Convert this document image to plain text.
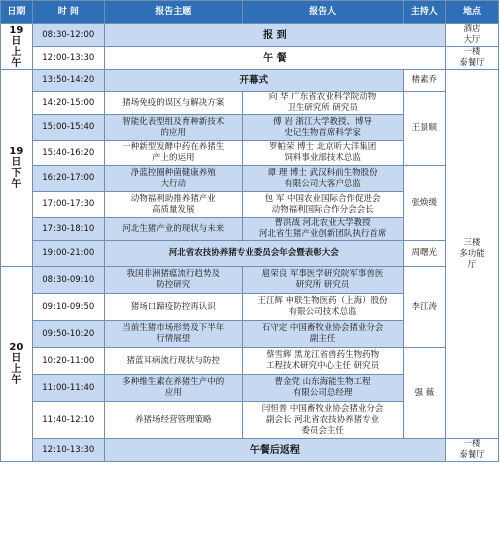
日期	时 间	报告主题	报告人	主持人	地点

19
日
上
午	08:30-12:00	报 到			酒店
大厅

	12:00-13:30	午 餐			一楼
泰餐厅

19
日
下
午	13:50-14:20	开幕式		楮素乔	三楼
多功能
厅

	14:20-15:00	猪场免疫的误区与解决方案	向 华 广东省农业科学院动物
卫生研究所 研究员	王景顺	
	15:00-15:40	智能化表型组及育种新技术
的应用	傅 岩 浙江大学教授、博导
史记生物首席科学家		

	15:40-16:20	一种新型发酵中药在养猪生
产上的运用	罗帕荣 博士 北京昕大洋集团
饲料事业部技术总监		

	16:20-17:00	净蓝控圈种菌健康养殖
大行动	谭 理 博士 武汉科前生物股份
有限公司大客户总监	张焕缓	
	17:00-17:30	动物福利助推养猪产业
高质量发展	包 军 中国农业国际合作促进会
动物福利国际合作分会会长		

	17:30-18:10	河北生猪产业的现状与未来	曹洪战 河北农业大学教授
河北省生猪产业创新团队执行首席		

	19:00-21:00	河北省农技协养猪专业委员会年会暨表彰大会		周曙光	

20
日
上
午	08:30-09:10	我国非洲猪瘟流行趋势及
防控研究	扈荣良 军事医学研究院军事兽医
研究所 研究员	李江涛	
	09:10-09:50	猪场口蹄疫防控再认识	王江辉 申联生物医药（上海）股份
有限公司技术总监		

	09:50-10:20	当前生猪市场形势及下半年
行情展望	石守定 中国畜牧业协会猪业分会
副主任		

	10:20-11:00	猪蓝耳病流行现状与防控	蔡雪辉 黑龙江省兽药生物药物
工程技术研究中心主任 研究员	强 薇	
	11:00-11:40	多种维生素在养猪生产中的
应用	曹金党 山东海能生物工程
有限公司总经理		

	11:40-12:10	养猪场经营管理策略	闫恒普 中国畜牧业协会猪业分会
副会长 河北省农技协养猪专业
委员会主任		

	12:10-13:30	午餐后返程			一楼
泰餐厅
